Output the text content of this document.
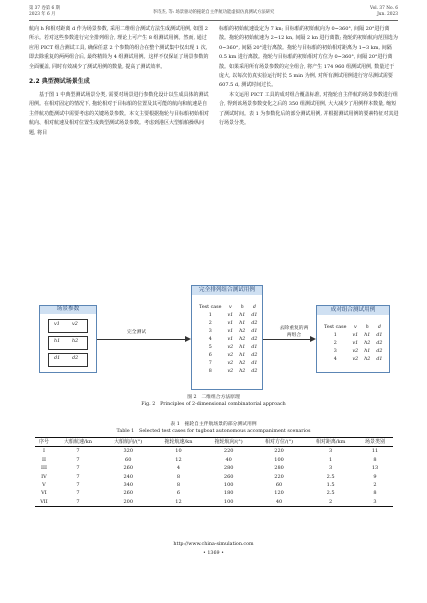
第 37 卷第 6 期
2023 年 6 月	李诗杰, 等: 场景驱动的拖轮自主伴航功能虚拟仿真测试方法研究
Vol. 37 No. 6
Jun. 2023

航向 h 和相对距离 d 作为场景参数, 采用二维组合测试方法生成测试用例, 如图 2 所示。若对这些参数进行完全排列组合, 理论上可产生 8 组测试用例。然而, 通过应用 PICT 组合测试工具, 确保任意 2 个参数的组合在整个测试集中仅出现 1 次, 即去除重复的两两组合后, 最终精简为 4 组测试用例。这样不仅保证了场景参数的全面覆盖, 同时有效减少了测试用例的数量, 提高了测试效率。

2.2 典型测试场景生成

基于图 1 中典型测试场景分类, 需要对场景进行参数化设计以生成具体的测试用例。在相对固定的情况下, 拖轮相对于目标船的位置及其可能的航向和航速是自主伴航功能测试中需要考虑的关键场景参数。本文主要根据拖轮与目标船初始相对航向、相对航速及相对位置生成典型测试场景参数。考虑到港区大型船舶操纵问题, 将目

标船的初始航速设定为 7 kn; 目标船的初始航向为 0~360°, 间隔 20°进行离散。拖轮的初始航速为 2~12 kn, 间隔 2 kn 进行离散; 拖轮的初始航向范围选为 0~360°, 间隔 20°进行离散。拖轮与目标船的初始相对距离为 1~3 km, 间隔 0.5 km 进行离散。拖轮与目标船的初始相对方位为 0~360°, 间隔 20°进行离散。如果采用所有场景参数的完全组合, 将产生 174 960 组测试用例, 数量过于庞大, 以每次仿真实验运行时长 5 min 为例, 对所有测试用例进行穷尽测试需要 607.5 d, 测试时间过长。

本文运用 PICT 工具的成对组合覆盖标准, 对拖轮自主伴航的场景参数进行组合, 得到该场景参数变化之后的 350 组测试用例, 大大减少了用例样本数量, 缩短了测试时间。表 1 为参数化后的部分测试用例, 并根据测试用例的要素特征对其进行场景分类。

场景参数
v1	v2
h1 h2
d1 d2
完全测试
完全排列组合测试用例
Test case	v	h	d
1	v1	h1	d1
2	v1	h1	d2
3	v1	h2	d1
4	v1	h2	d2
5	v2	h1	d1
6	v2	h1	d2
7	v2	h2	d1
8	v2	h2	d2
去除重复的两两组合
成对组合测试用例
Test case	v	h	d
1	v1	h1	d1
2	v1	h2	d2
3	v2	h1	d2
4	v2	h2	d1
图 2　二维组合方法原理
Fig. 2　Principles of 2-dimensional combinatorial approach
表 1　拖轮自主伴航场景的部分测试用例
Table 1　Selected test cases for tugboat autonomous accompaniment scenarios
序号	大船航速/kn	大船航向/(°)	拖轮航速/kn	拖轮航向/(°)	相对方位/(°)	相对距离/km	场景类别
I	7	320	10	220	220	3	11
II	7	60	12	40	100	1	8
III	7	260	4	280	280	3	13
IV	7	240	8	260	220	2.5	9
V	7	340	8	100	60	1.5	2
VI	7	260	6	180	120	2.5	8
VII	7	200	12	100	40	2	3
http://www.china-simulation.com
• 1369 •
